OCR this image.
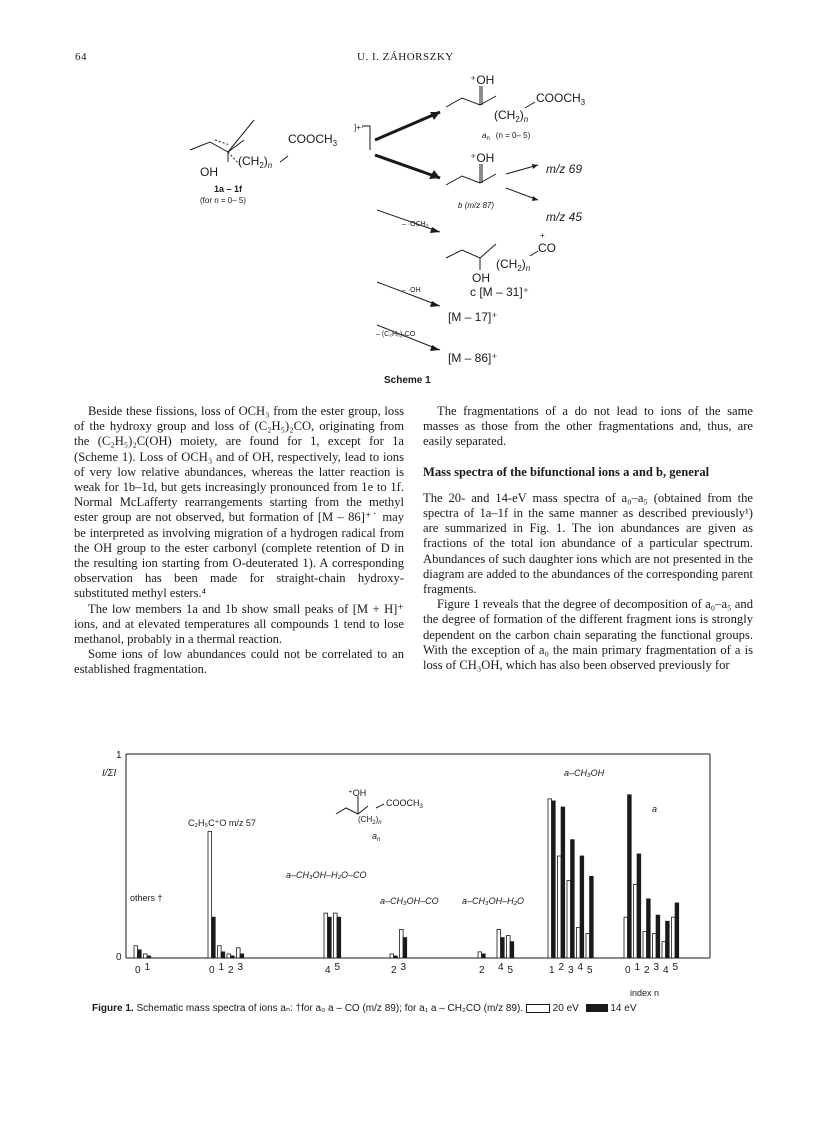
64	U. I. ZÁHORSZKY
$COOCH_3$
]+·
$(CH_2)_n$
OH
1a – 1f
(for n = 0– 5)
⁺OH
$COOCH_3$
$(CH_2)_n$
$a_n$ (n = 0– 5)
⁺OH
b (m/z 87)
m/z 69
m/z 45
– ·OCH₃
+
CO
$(CH_2)_n$
OH
c [M – 31]⁺
– ·OH
[M – 17]⁺
– (C₂H₅)₂CO
[M – 86]⁺
Scheme 1

Beside these fissions, loss of OCH₃ from the ester group, loss of the hydroxy group and loss of (C₂H₅)₂CO, originating from the (C₂H₅)₂C(OH) moiety, are found for 1, except for 1a (Scheme 1). Loss of OCH₃ and of OH, respectively, lead to ions of very low relative abundances, whereas the latter reaction is weak for 1b–1d, but gets increasingly pronounced from 1e to 1f. Normal McLafferty rearrangements starting from the methyl ester group are not observed, but formation of [M – 86]⁺˙ may be interpreted as involving migration of a hydrogen radical from the OH group to the ester carbonyl (complete retention of D in the resulting ion starting from O-deuterated 1). A corresponding observation has been made for straight-chain hydroxy-substituted methyl esters.⁴

The low members 1a and 1b show small peaks of [M + H]⁺ ions, and at elevated temperatures all compounds 1 tend to lose methanol, probably in a thermal reaction.

Some ions of low abundances could not be correlated to an established fragmentation.

The fragmentations of a do not lead to ions of the same masses as those from the other fragmentations and, thus, are easily separated.

Mass spectra of the bifunctional ions a and b, general

The 20- and 14-eV mass spectra of a₀–a₅ (obtained from the spectra of 1a–1f in the same manner as described previously¹) are summarized in Fig. 1. The ion abundances are given as fractions of the total ion abundance of a particular spectrum. Abundances of such daughter ions which are not presented in the diagram are added to the abundances of the corresponding parent fragments.

Figure 1 reveals that the degree of decomposition of a₀–a₅ and the degree of formation of the different fragment ions is strongly dependent on the carbon chain separating the functional groups. With the exception of a₀ the main primary fragmentation of a is loss of CH₃OH, which has also been observed previously for

1
0
I/ΣI
0 1	0 1 2 3	4 5	2 3	2 4 5	1 2 3 4 5	0 1 2 3 4 5
others †
C₂H₅C⁺O m/z 57
a–CH₃OH–H₂O–CO
a–CH₃OH–CO	a–CH₃OH–H₂O
a–CH₃OH
a
⁺OH
$COOCH_3$
$(CH_2)_n$
$a_n$
index n
Figure 1. Schematic mass spectra of ions aₙ: †for a₀ a – CO (m/z 89); for a₁ a – CH₂CO (m/z 89).	20 eV	14 eV
